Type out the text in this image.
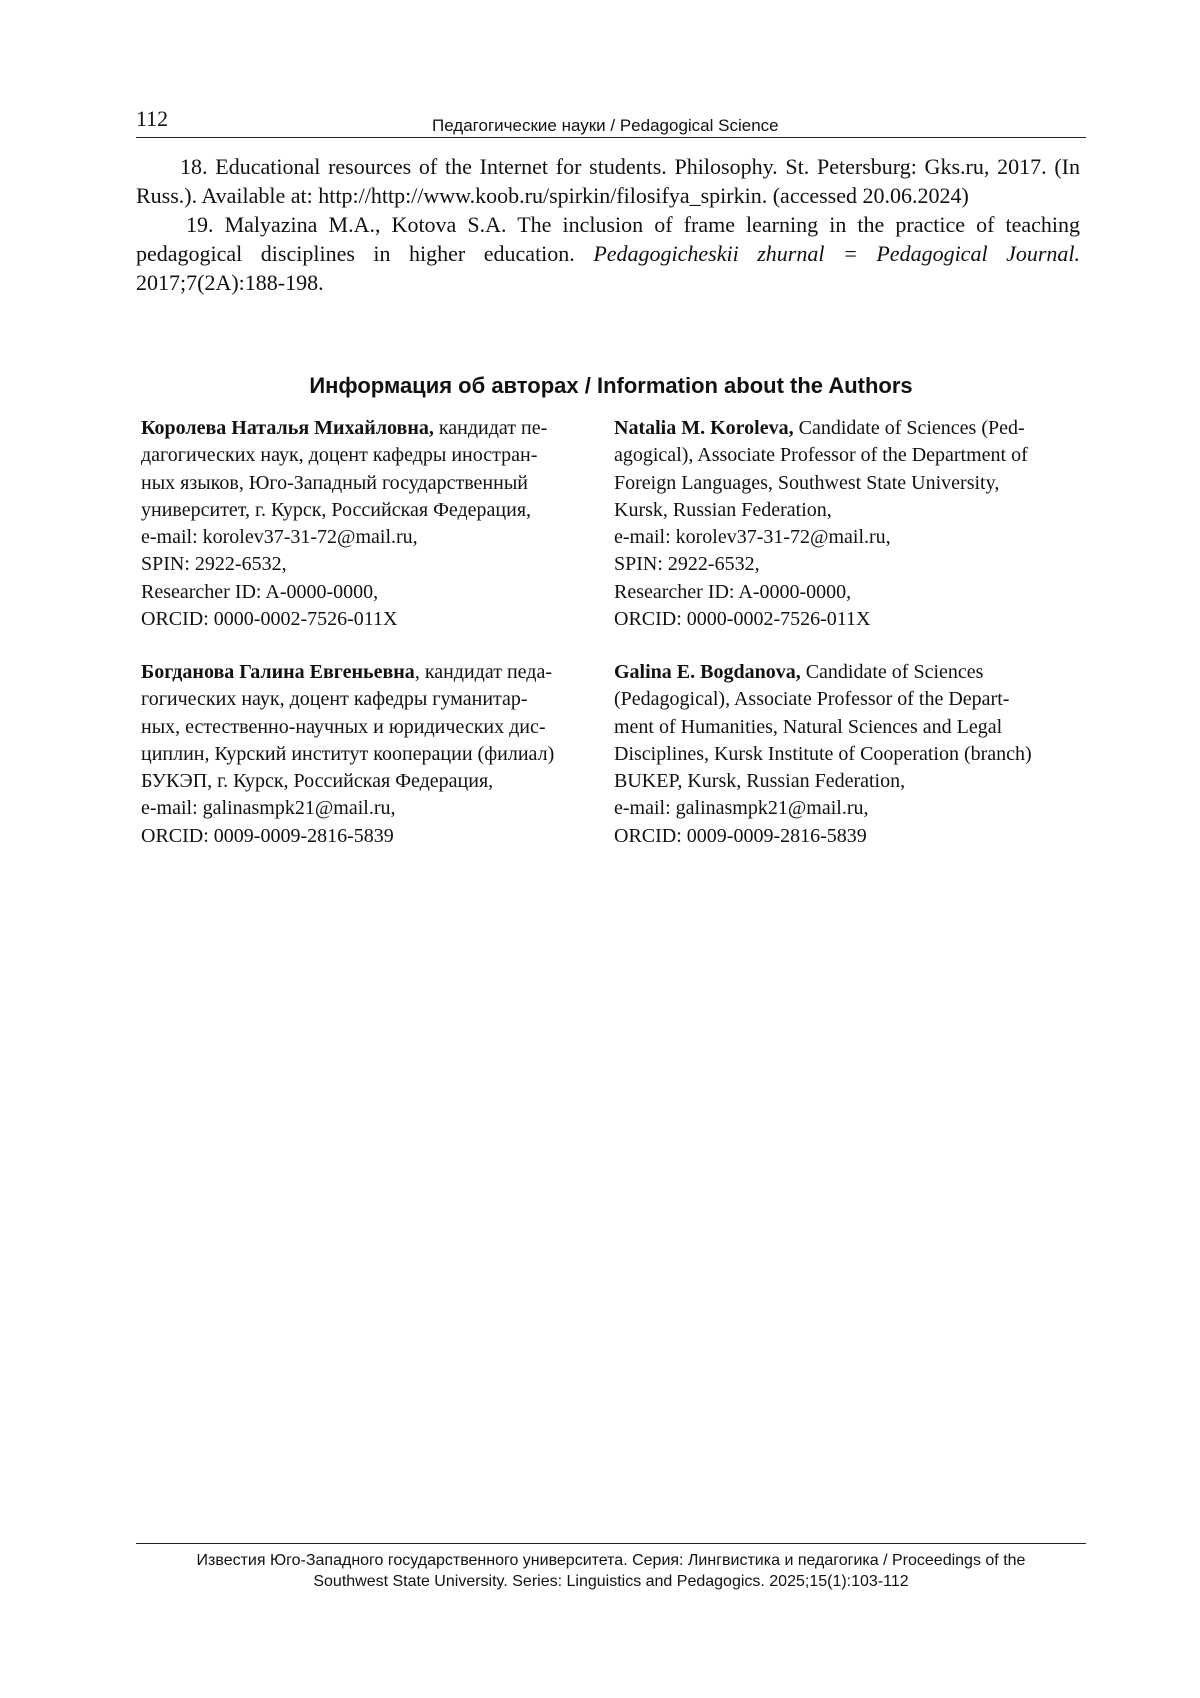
112	Педагогические науки / Pedagogical Science

18. Educational resources of the Internet for students. Philosophy. St. Petersburg: Gks.ru, 2017. (In Russ.). Available at: http://http://www.koob.ru/spirkin/filosifya_spirkin. (accessed 20.06.2024)

19. Malyazina M.A., Kotova S.A. The inclusion of frame learning in the practice of teaching pedagogical disciplines in higher education. Pedagogicheskii zhurnal = Pedagogical Journal. 2017;7(2A):188-198.

Информация об авторах / Information about the Authors
Королева Наталья Михайловна, кандидат пе-
дагогических наук, доцент кафедры иностран-
ных языков, Юго-Западный государственный
университет, г. Курск, Российская Федерация,
e-mail: korolev37-31-72@mail.ru,
SPIN: 2922-6532,
Researcher ID: A-0000-0000,
ORCID: 0000-0002-7526-011X
Natalia M. Koroleva, Candidate of Sciences (Ped-
agogical), Associate Professor of the Department of
Foreign Languages, Southwest State University,
Kursk, Russian Federation,
e-mail: korolev37-31-72@mail.ru,
SPIN: 2922-6532,
Researcher ID: A-0000-0000,
ORCID: 0000-0002-7526-011X
Богданова Галина Евгеньевна, кандидат педа-
гогических наук, доцент кафедры гуманитар-
ных, естественно-научных и юридических дис-
циплин, Курский институт кооперации (филиал)
БУКЭП, г. Курск, Российская Федерация,
e-mail: galinasmpk21@mail.ru,
ORCID: 0009-0009-2816-5839
Galina E. Bogdanova, Candidate of Sciences
(Pedagogical), Associate Professor of the Depart-
ment of Humanities, Natural Sciences and Legal
Disciplines, Kursk Institute of Cooperation (branch)
BUKEP, Kursk, Russian Federation,
e-mail: galinasmpk21@mail.ru,
ORCID: 0009-0009-2816-5839
Известия Юго-Западного государственного университета. Серия: Лингвистика и педагогика / Proceedings of the
Southwest State University. Series: Linguistics and Pedagogics. 2025;15(1):103-112
